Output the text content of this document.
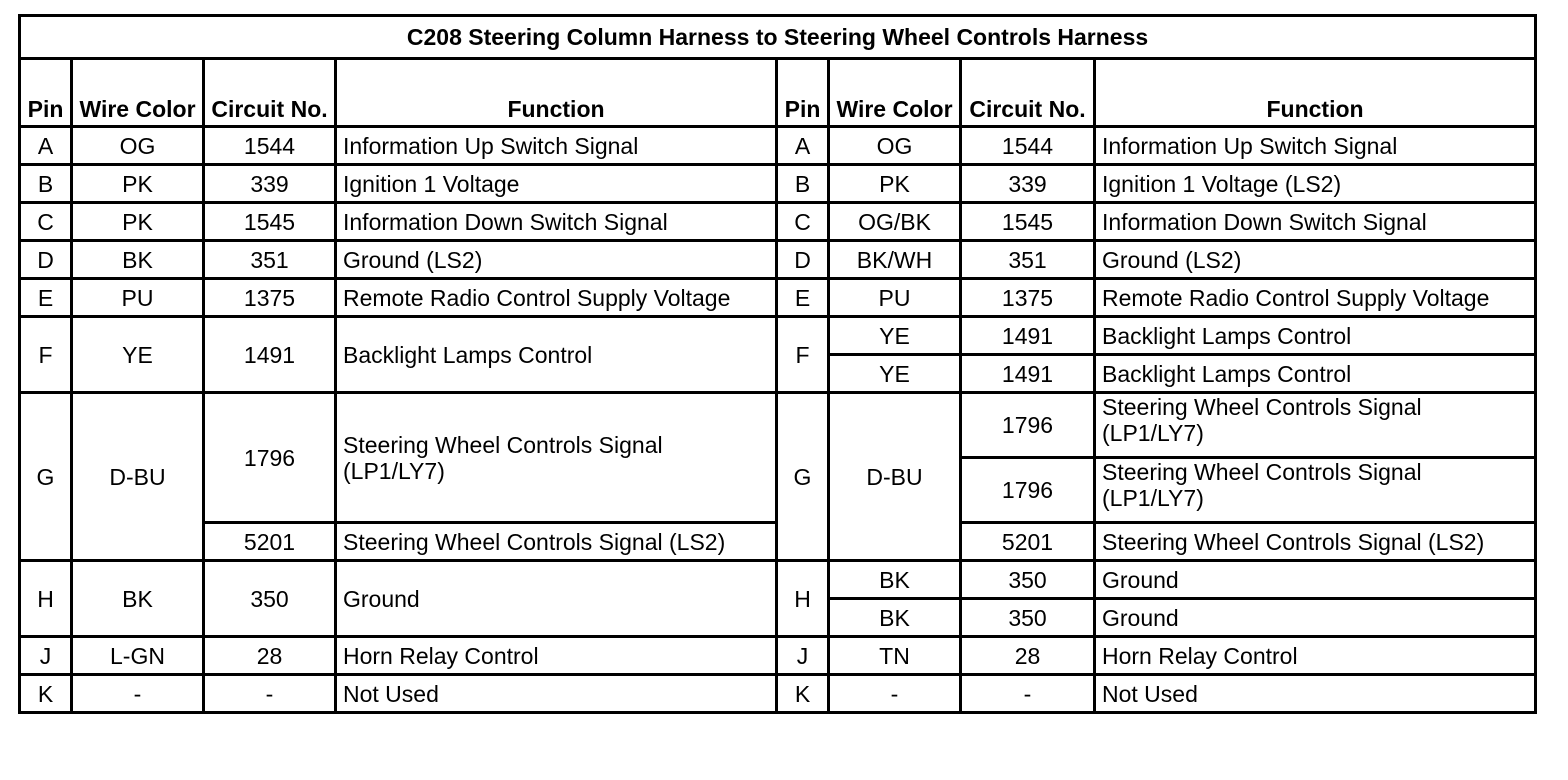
C208 Steering Column Harness to Steering Wheel Controls Harness							
Pin	Wire Color	Circuit No.	Function	Pin	Wire Color	Circuit No.	Function
A	OG	1544	Information Up Switch Signal	A	OG	1544	Information Up Switch Signal
B	PK	339	Ignition 1 Voltage	B	PK	339	Ignition 1 Voltage (LS2)
C	PK	1545	Information Down Switch Signal	C	OG/BK	1545	Information Down Switch Signal
D	BK	351	Ground (LS2)	D	BK/WH	351	Ground (LS2)
E	PU	1375	Remote Radio Control Supply Voltage	E	PU	1375	Remote Radio Control Supply Voltage
F	YE	1491	Backlight Lamps Control	F	YE	1491	Backlight Lamps Control
					YE	1491	Backlight Lamps Control
G	D-BU	1796	Steering Wheel Controls Signal (LP1/LY7)	G	D-BU	1796	Steering Wheel Controls Signal (LP1/LY7)
						1796	Steering Wheel Controls Signal (LP1/LY7)
		5201	Steering Wheel Controls Signal (LS2)			5201	Steering Wheel Controls Signal (LS2)
H	BK	350	Ground	H	BK	350	Ground
					BK	350	Ground
J	L-GN	28	Horn Relay Control	J	TN	28	Horn Relay Control
K	-	-	Not Used	K	-	-	Not Used
